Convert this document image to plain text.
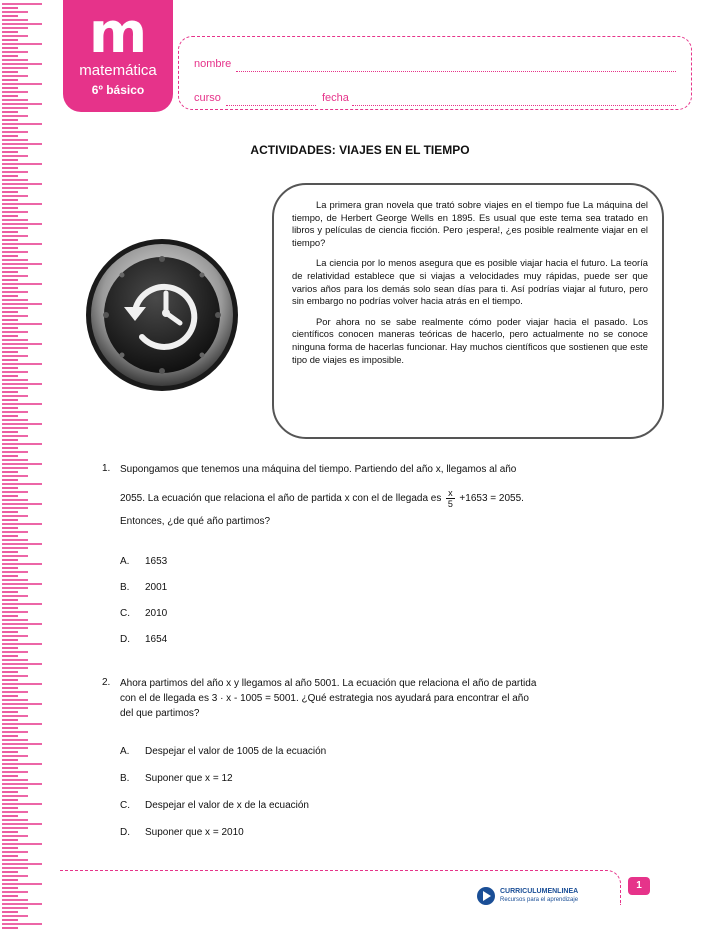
m
matemática
6º básico
nombre
curso	fecha
ACTIVIDADES: VIAJES EN EL TIEMPO

La primera gran novela que trató sobre viajes en el tiempo fue La máquina del tiempo, de Herbert George Wells en 1895. Es usual que este tema sea tratado en libros y películas de ciencia ficción. Pero ¡espera!, ¿es posible realmente viajar en el tiempo?

La ciencia por lo menos asegura que es posible viajar hacia el futuro. La teoría de relatividad establece que si viajas a velocidades muy rápidas, puede ser que varios años para los demás solo sean días para ti. Así podrías viajar al futuro, pero sin embargo no podrías volver hacia atrás en el tiempo.

Por ahora no se sabe realmente cómo poder viajar hacia el pasado. Los científicos conocen maneras teóricas de hacerlo, pero actualmente no se conoce ninguna forma de hacerlas funcionar. Hay muchos científicos que sostienen que este tipo de viajes es imposible.

1. Supongamos que tenemos una máquina del tiempo. Partiendo del año x, llegamos al año
2055. La ecuación que relaciona el año de partida x con el de llegada es $\frac{x}{5} +1653 = 2055$.
Entonces, ¿de qué año partimos?
A. 1653
B. 2001
C. 2010
D. 1654
2. Ahora partimos del año x y llegamos al año 5001. La ecuación que relaciona el año de partida
con el de llegada es 3 · x - 1005 = 5001. ¿Qué estrategia nos ayudará para encontrar el año
del que partimos?
A. Despejar el valor de 1005 de la ecuación
B. Suponer que x = 12
C. Despejar el valor de x de la ecuación
D. Suponer que x = 2010
CURRICULUMENLINEA
Recursos para el aprendizaje
1
